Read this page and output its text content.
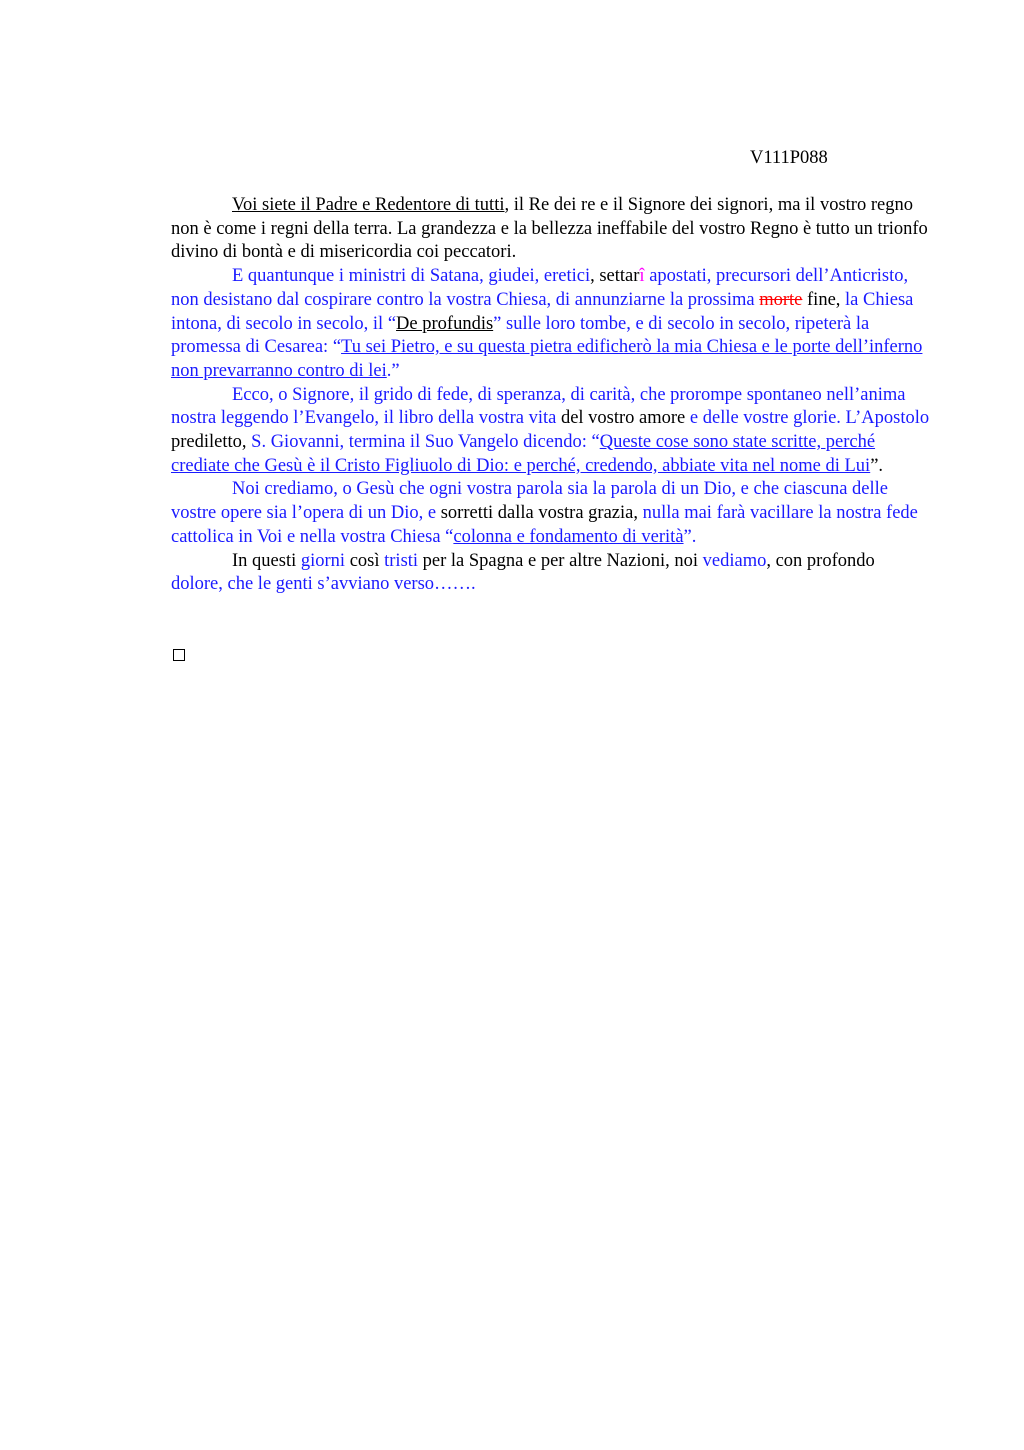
V111P088

Voi siete il Padre e Redentore di tutti, il Re dei re e il Signore dei signori, ma il vostro regno non è come i regni della terra. La grandezza e la bellezza ineffabile del vostro Regno è tutto un trionfo divino di bontà e di misericordia coi peccatori.

E quantunque i ministri di Satana, giudei, eretici, settarî apostati, precursori dell’Anticristo, non desistano dal cospirare contro la vostra Chiesa, di annunziarne la prossima morte fine, la Chiesa intona, di secolo in secolo, il “De profundis” sulle loro tombe, e di secolo in secolo, ripeterà la promessa di Cesarea: “Tu sei Pietro, e su questa pietra edificherò la mia Chiesa e le porte dell’inferno non prevarranno contro di lei.”

Ecco, o Signore, il grido di fede, di speranza, di carità, che prorompe spontaneo nell’anima nostra leggendo l’Evangelo, il libro della vostra vita del vostro amore e delle vostre glorie. L’Apostolo prediletto, S. Giovanni, termina il Suo Vangelo dicendo: “Queste cose sono state scritte, perché crediate che Gesù è il Cristo Figliuolo di Dio: e perché, credendo, abbiate vita nel nome di Lui”.

Noi crediamo, o Gesù che ogni vostra parola sia la parola di un Dio, e che ciascuna delle vostre opere sia l’opera di un Dio, e sorretti dalla vostra grazia, nulla mai farà vacillare la nostra fede cattolica in Voi e nella vostra Chiesa “colonna e fondamento di verità”.

In questi giorni così tristi per la Spagna e per altre Nazioni, noi vediamo, con profondo dolore, che le genti s’avviano verso…….
